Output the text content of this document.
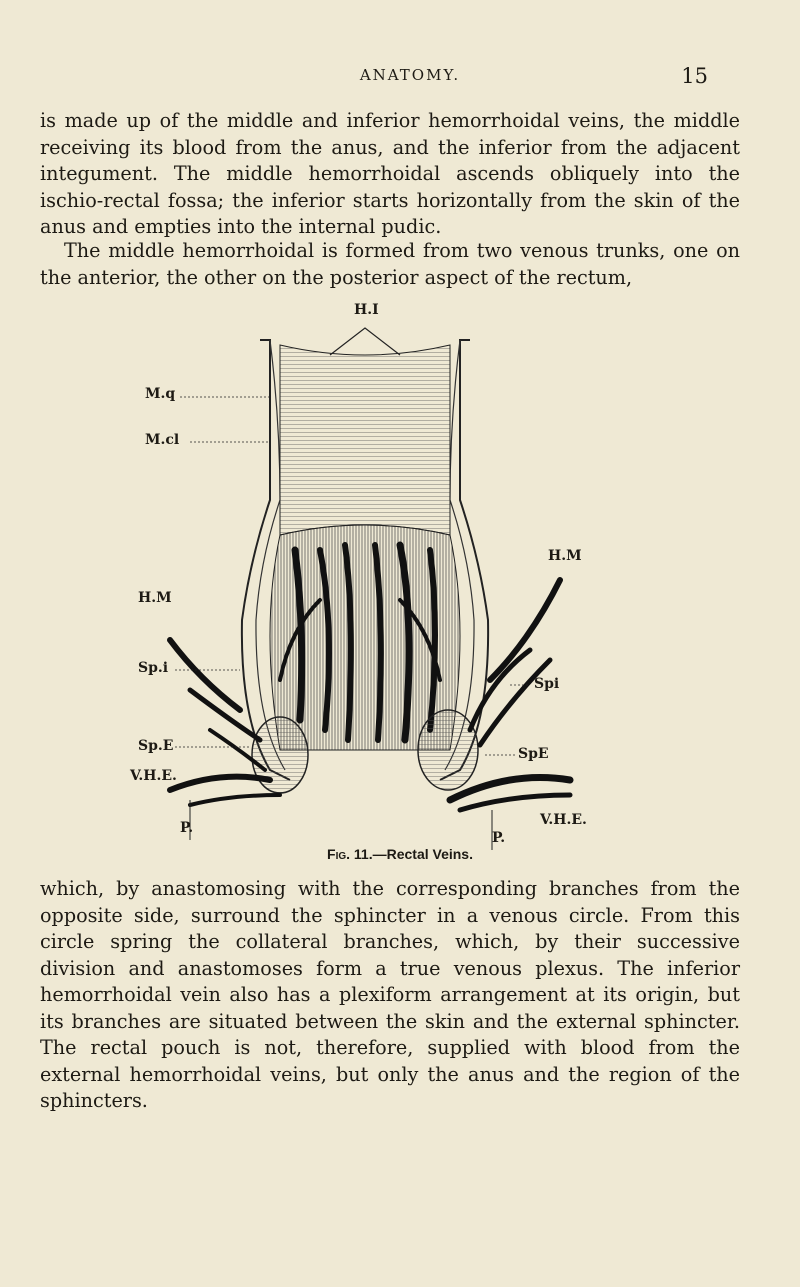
ANATOMY.	15

is made up of the middle and inferior hemorrhoidal veins, the middle receiving its blood from the anus, and the inferior from the adjacent integument. The middle hemorrhoidal ascends obliquely into the ischio-rectal fossa; the inferior starts horizontally from the skin of the anus and empties into the internal pudic.

The middle hemorrhoidal is formed from two venous trunks, one on the anterior, the other on the posterior aspect of the rectum,

H.I
M.q
M.cl
H.M
H.M
Sp.i
Spi
Sp.E	SpE
V.H.E.
V.H.E.
P.
P.
Fig. 11.—Rectal Veins.

which, by anastomosing with the corresponding branches from the opposite side, surround the sphincter in a venous circle. From this circle spring the collateral branches, which, by their successive division and anastomoses form a true venous plexus. The inferior hemorrhoidal vein also has a plexiform arrangement at its origin, but its branches are situated between the skin and the external sphincter. The rectal pouch is not, therefore, supplied with blood from the external hemorrhoidal veins, but only the anus and the region of the sphincters.
